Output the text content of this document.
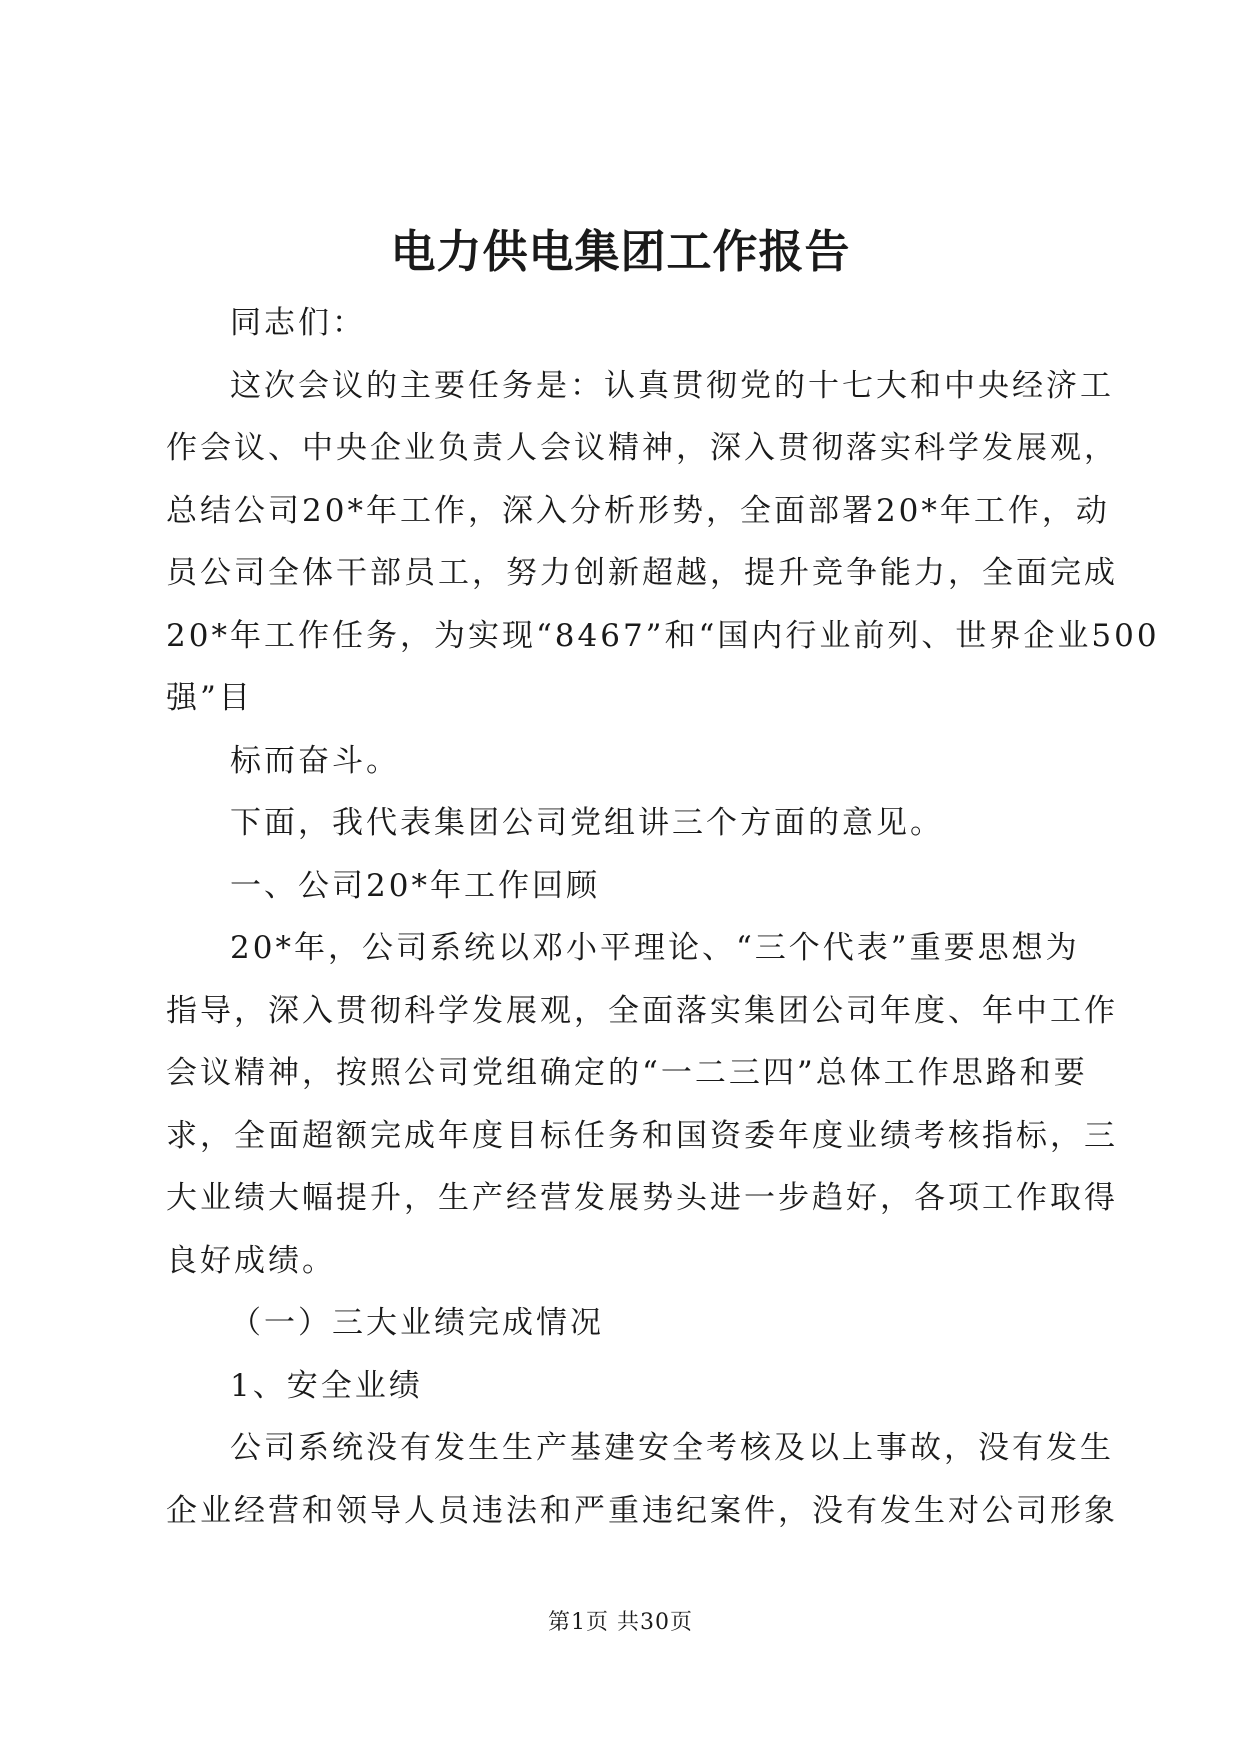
电力供电集团工作报告
同志们：
这次会议的主要任务是：认真贯彻党的十七大和中央经济工
作会议、中央企业负责人会议精神，深入贯彻落实科学发展观，
总结公司20*年工作，深入分析形势，全面部署20*年工作，动
员公司全体干部员工，努力创新超越，提升竞争能力，全面完成
20*年工作任务，为实现“8467”和“国内行业前列、世界企业500
强”目
标而奋斗。
下面，我代表集团公司党组讲三个方面的意见。
一、公司20*年工作回顾
20*年，公司系统以邓小平理论、“三个代表”重要思想为
指导，深入贯彻科学发展观，全面落实集团公司年度、年中工作
会议精神，按照公司党组确定的“一二三四”总体工作思路和要
求，全面超额完成年度目标任务和国资委年度业绩考核指标，三
大业绩大幅提升，生产经营发展势头进一步趋好，各项工作取得
良好成绩。
（一）三大业绩完成情况
1、安全业绩
公司系统没有发生生产基建安全考核及以上事故，没有发生
企业经营和领导人员违法和严重违纪案件，没有发生对公司形象
第1页 共30页
